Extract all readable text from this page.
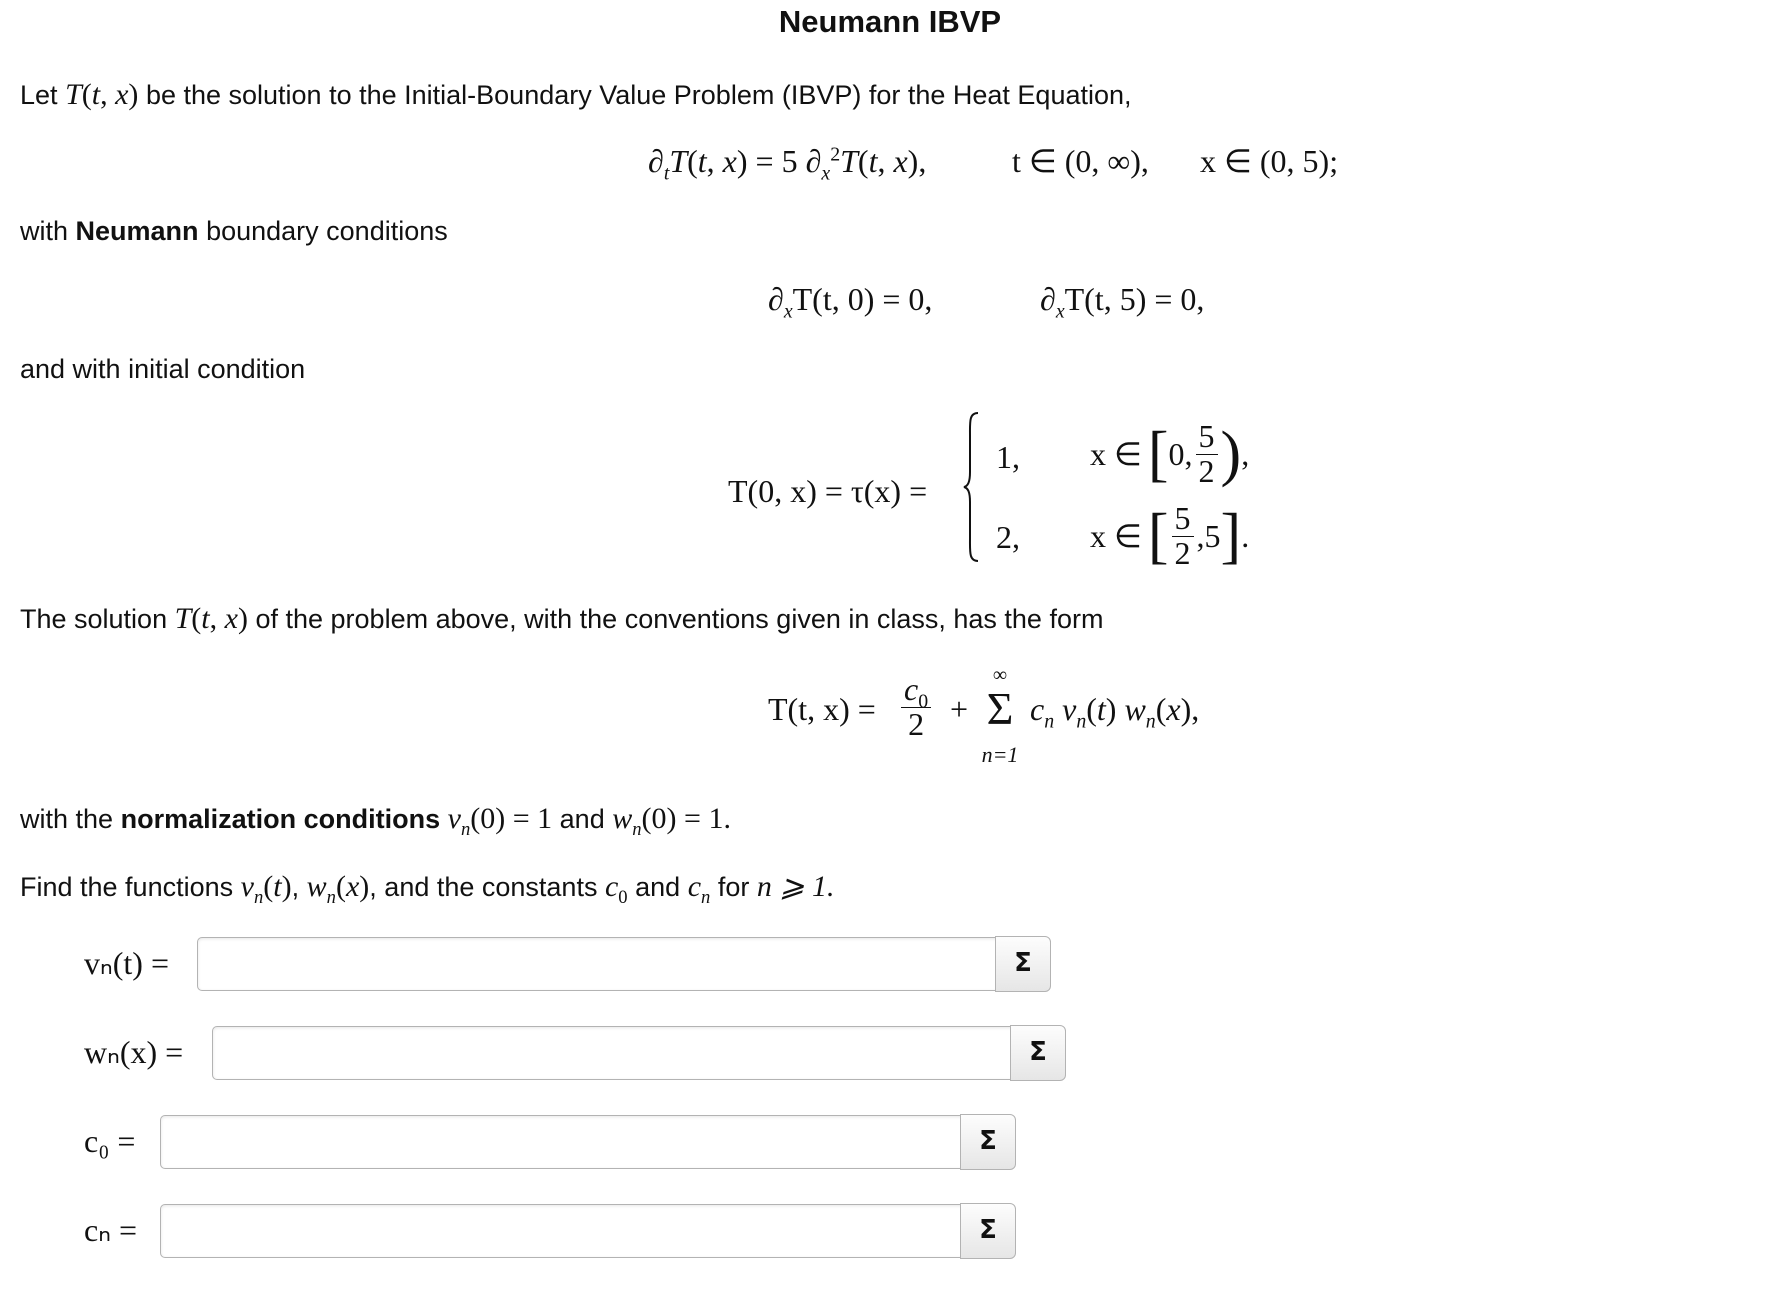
Neumann IBVP
Let T(t, x) be the solution to the Initial-Boundary Value Problem (IBVP) for the Heat Equation,
$\partial_tT(t$, x) = 5 $\partial_x^2T(t$, x),	t ∈ (0, ∞), x ∈ (0, 5);
with Neumann boundary conditions
$\partial_xT(t$, 0) = 0,	$\partial_xT(t$, 5) = 0,
and with initial condition
T(0, x) = τ(x) =
1,
2,
x ∈ [ 0, $\frac{5}{2}$ ) ,
x ∈ [ $\frac{5}{2} ,5$ ] .
The solution T(t, x) of the problem above, with the conventions given in class, has the form
T(t, $x) = \frac{c_0}{2}$ +
∞
Σ
n=1
$c_n$ $v_n(t)$ $w_n(x)$,
with the normalization conditions $v_n(0) = 1$ and $w_n(0) = 1$.
Find the functions $v_n(t)$, $w_n(x)$, and the constants $c_0$ and $c_n$ for n ⩾ 1.
vₙ(t) =	Σ
wₙ(x) =	Σ
c₀ =	Σ
cₙ =	Σ
